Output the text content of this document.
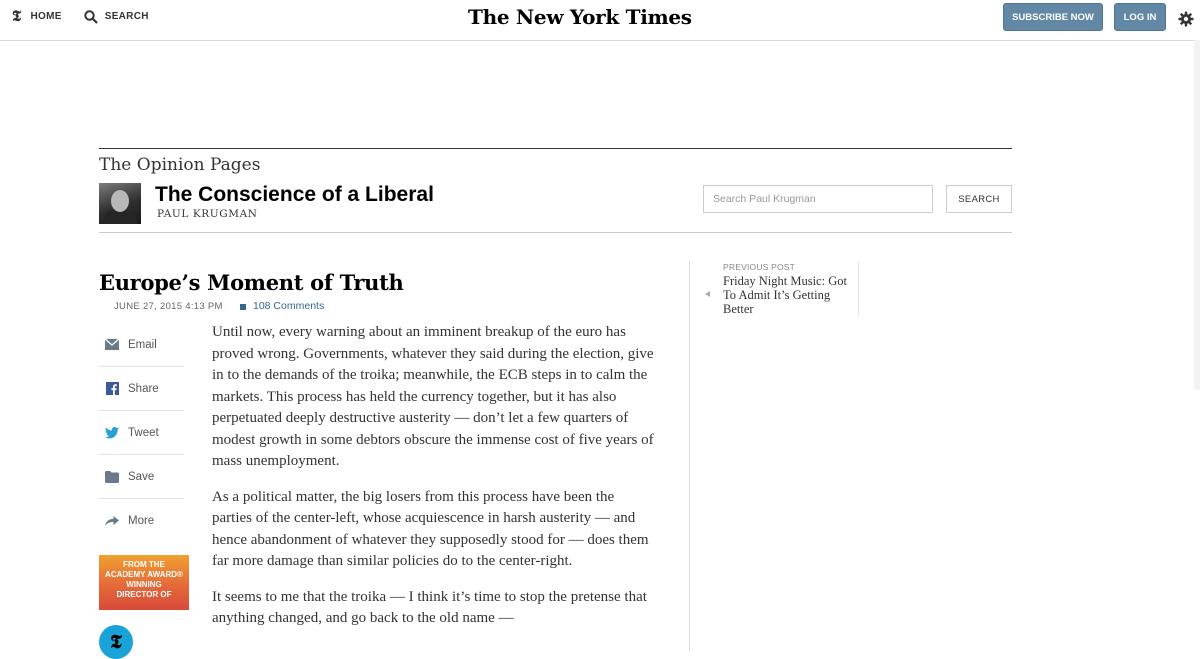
𝕿 HOME	SEARCH	The New York Times	SUBSCRIBE NOW	LOG IN
The Opinion Pages
The Conscience of a Liberal
PAUL KRUGMAN
Search Paul Krugman
SEARCH
Europe’s Moment of Truth
JUNE 27, 2015 4:13 PM	108 Comments
Email
Share
Tweet
Save
More
FROM THE
ACADEMY AWARD®
WINNING
DIRECTOR OF
𝕿

Until now, every warning about an imminent breakup of the euro has proved wrong. Governments, whatever they said during the election, give in to the demands of the troika; meanwhile, the ECB steps in to calm the markets. This process has held the currency together, but it has also perpetuated deeply destructive austerity — don’t let a few quarters of modest growth in some debtors obscure the immense cost of five years of mass unemployment.

As a political matter, the big losers from this process have been the parties of the center-left, whose acquiescence in harsh austerity — and hence abandonment of whatever they supposedly stood for — does them far more damage than similar policies do to the center-right.

It seems to me that the troika — I think it’s time to stop the pretense that anything changed, and go back to the old name —

PREVIOUS POST
Friday Night Music: Got To Admit It’s Getting Better
